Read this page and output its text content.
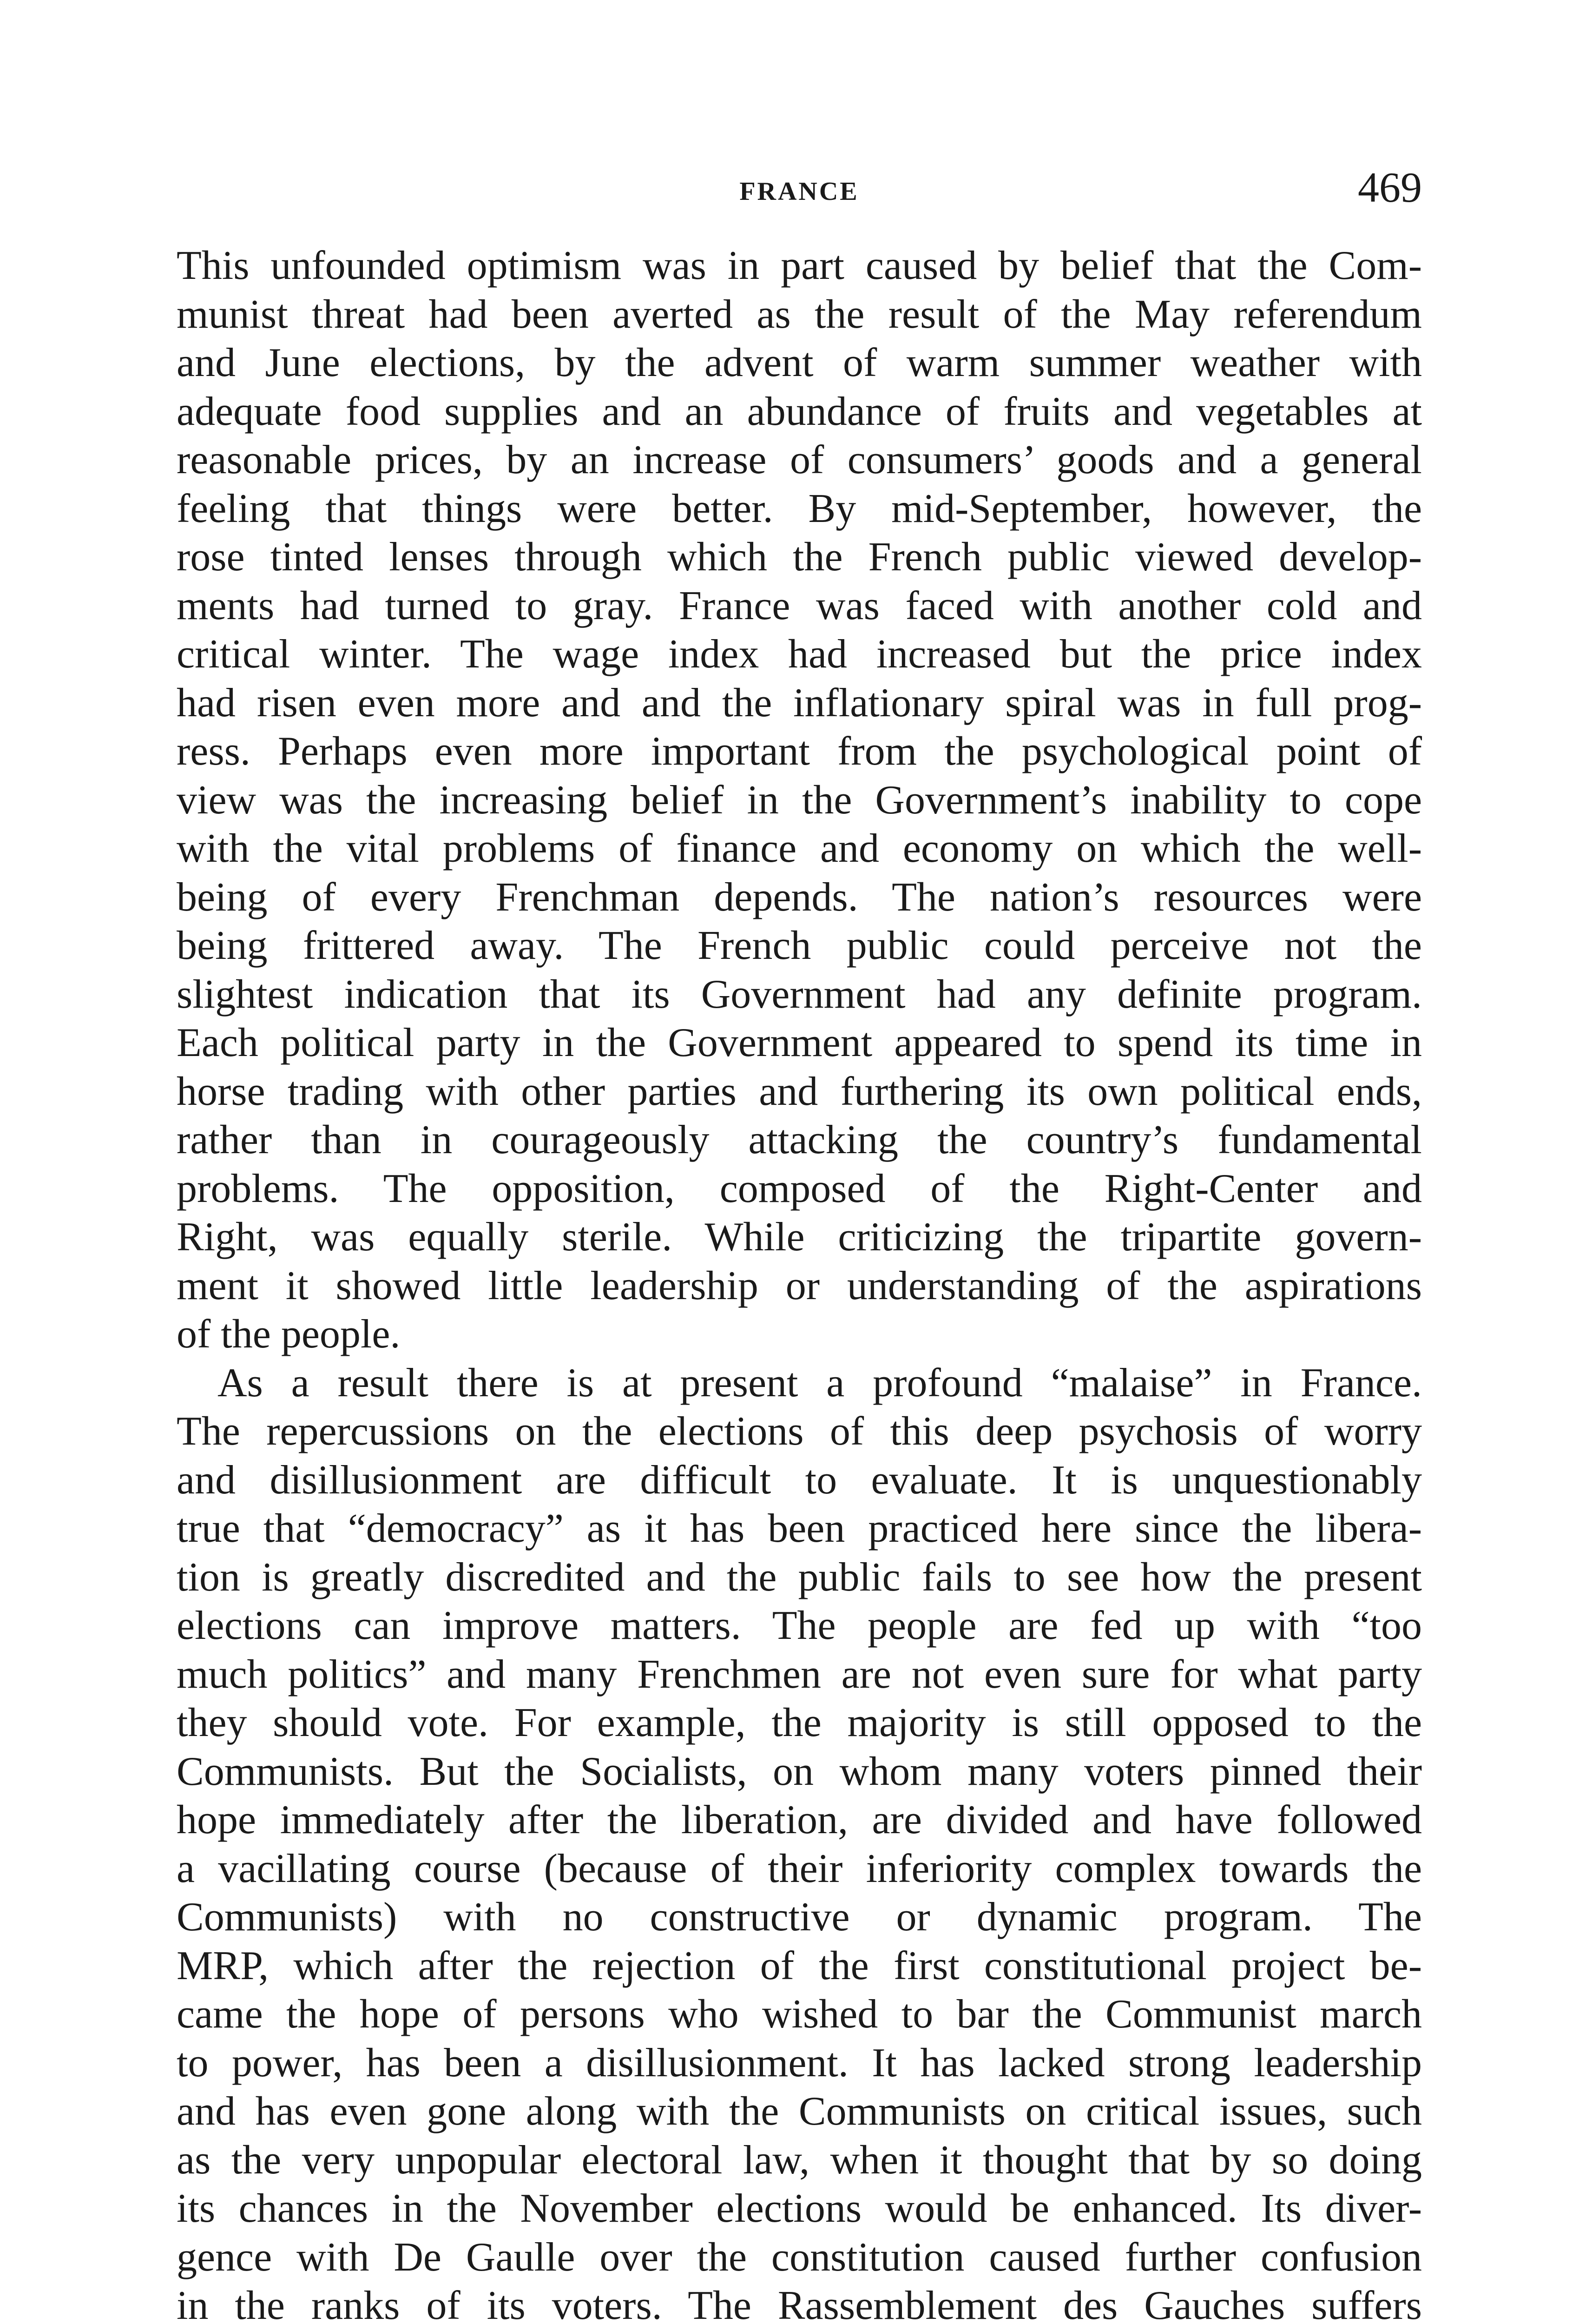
FRANCE	469
This unfounded optimism was in part caused by belief that the Com-
munist threat had been averted as the result of the May referendum
and June elections, by the advent of warm summer weather with
adequate food supplies and an abundance of fruits and vegetables at
reasonable prices, by an increase of consumers’ goods and a general
feeling that things were better. By mid-September, however, the
rose tinted lenses through which the French public viewed develop-
ments had turned to gray. France was faced with another cold and
critical winter. The wage index had increased but the price index
had risen even more and and the inflationary spiral was in full prog-
ress. Perhaps even more important from the psychological point of
view was the increasing belief in the Government’s inability to cope
with the vital problems of finance and economy on which the well-
being of every Frenchman depends. The nation’s resources were
being frittered away. The French public could perceive not the
slightest indication that its Government had any definite program.
Each political party in the Government appeared to spend its time in
horse trading with other parties and furthering its own political ends,
rather than in courageously attacking the country’s fundamental
problems. The opposition, composed of the Right-Center and
Right, was equally sterile. While criticizing the tripartite govern-
ment it showed little leadership or understanding of the aspirations
of the people.
As a result there is at present a profound “malaise” in France.
The repercussions on the elections of this deep psychosis of worry
and disillusionment are difficult to evaluate. It is unquestionably
true that “democracy” as it has been practiced here since the libera-
tion is greatly discredited and the public fails to see how the present
elections can improve matters. The people are fed up with “too
much politics” and many Frenchmen are not even sure for what party
they should vote. For example, the majority is still opposed to the
Communists. But the Socialists, on whom many voters pinned their
hope immediately after the liberation, are divided and have followed
a vacillating course (because of their inferiority complex towards the
Communists) with no constructive or dynamic program. The
MRP, which after the rejection of the first constitutional project be-
came the hope of persons who wished to bar the Communist march
to power, has been a disillusionment. It has lacked strong leadership
and has even gone along with the Communists on critical issues, such
as the very unpopular electoral law, when it thought that by so doing
its chances in the November elections would be enhanced. Its diver-
gence with De Gaulle over the constitution caused further confusion
in the ranks of its voters. The Rassemblement des Gauches suffers
